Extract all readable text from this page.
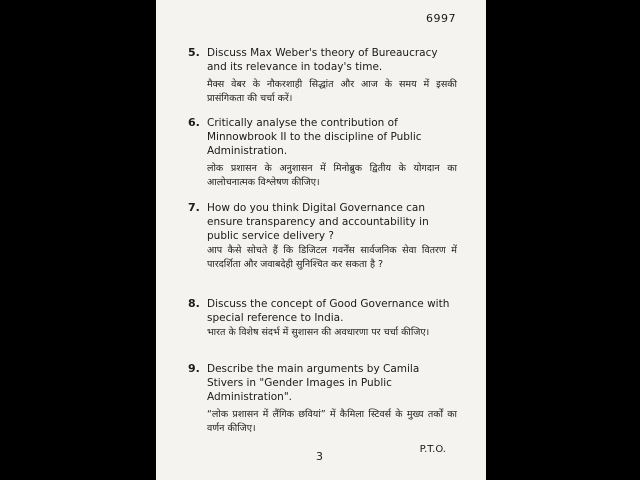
6997
5. Discuss Max Weber's theory of Bureaucracy and its relevance in today's time.
मैक्स वेबर के नौकरशाही सिद्धांत और आज के समय में इसकी प्रासंगिकता की चर्चा करें।
6. Critically analyse the contribution of Minnowbrook II to the discipline of Public Administration.
लोक प्रशासन के अनुशासन में मिनोब्रुक द्वितीय के योगदान का आलोचनात्मक विश्लेषण कीजिए।
7. How do you think Digital Governance can ensure transparency and accountability in public service delivery ?
आप कैसे सोचते हैं कि डिजिटल गवर्नेंस सार्वजनिक सेवा वितरण में पारदर्शिता और जवाबदेही सुनिश्चित कर सकता है ?
8. Discuss the concept of Good Governance with special reference to India.
भारत के विशेष संदर्भ में सुशासन की अवधारणा पर चर्चा कीजिए।
9. Describe the main arguments by Camila Stivers in "Gender Images in Public Administration".
“लोक प्रशासन में लैंगिक छवियां” में कैमिला स्टिवर्स के मुख्य तर्कों का वर्णन कीजिए।
P.T.O.
3
